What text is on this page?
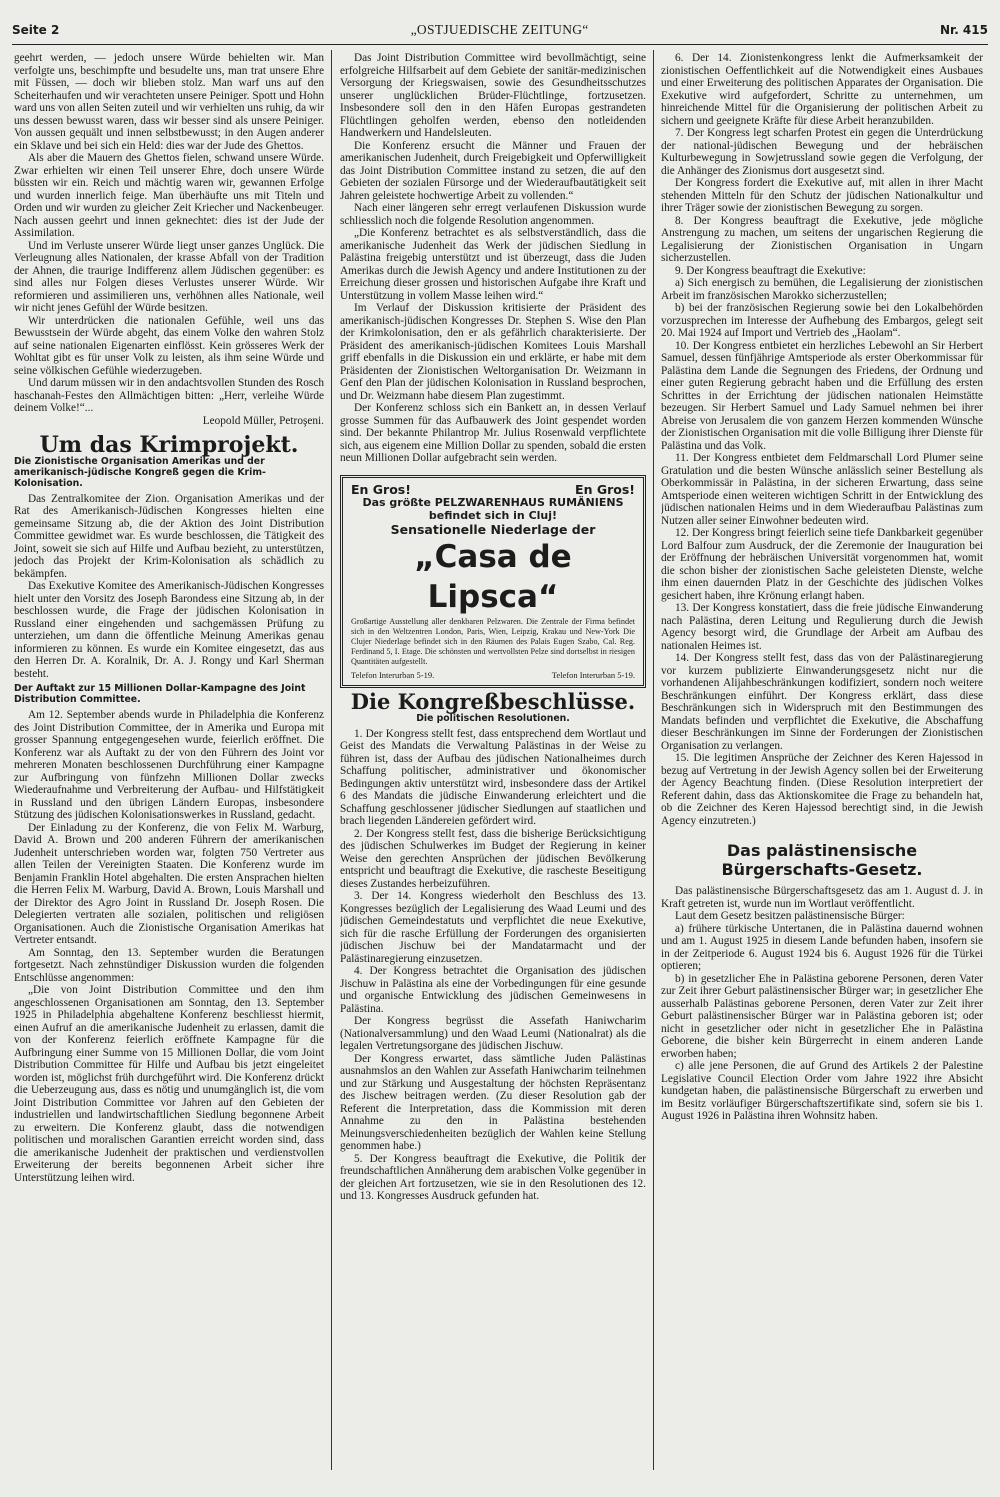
Seite 2	„OSTJUEDISCHE ZEITUNG“	Nr. 415

geehrt werden, — jedoch unsere Würde behielten wir. Man verfolgte uns, beschimpfte und besudelte uns, man trat unsere Ehre mit Füssen, — doch wir blieben stolz. Man warf uns auf den Scheiterhaufen und wir verachteten unsere Peiniger. Spott und Hohn ward uns von allen Seiten zuteil und wir verhielten uns ruhig, da wir uns dessen bewusst waren, dass wir besser sind als unsere Peiniger. Von aussen gequält und innen selbstbewusst; in den Augen anderer ein Sklave und bei sich ein Held: dies war der Jude des Ghettos.

Als aber die Mauern des Ghettos fielen, schwand unsere Würde. Zwar erhielten wir einen Teil unserer Ehre, doch unsere Würde büssten wir ein. Reich und mächtig waren wir, gewannen Erfolge und wurden innerlich feige. Man überhäufte uns mit Titeln und Orden und wir wurden zu gleicher Zeit Kriecher und Nackenbeuger. Nach aussen geehrt und innen geknechtet: dies ist der Jude der Assimilation.

Und im Verluste unserer Würde liegt unser ganzes Unglück. Die Verleugnung alles Nationalen, der krasse Abfall von der Tradition der Ahnen, die traurige Indifferenz allem Jüdischen gegenüber: es sind alles nur Folgen dieses Verlustes unserer Würde. Wir reformieren und assimilieren uns, verhöhnen alles Nationale, weil wir nicht jenes Gefühl der Würde besitzen.

Wir unterdrücken die nationalen Gefühle, weil uns das Bewusstsein der Würde abgeht, das einem Volke den wahren Stolz auf seine nationalen Eigenarten einflösst. Kein grösseres Werk der Wohltat gibt es für unser Volk zu leisten, als ihm seine Würde und seine völkischen Gefühle wiederzugeben.

Und darum müssen wir in den andachtsvollen Stunden des Rosch haschanah-Festes den Allmächtigen bitten: „Herr, verleihe Würde deinem Volke!“...

Leopold Müller, Petroşeni.

Um das Krimprojekt.
Die Zionistische Organisation Amerikas und der amerikanisch-jüdische Kongreß gegen die Krim-Kolonisation.

Das Zentralkomitee der Zion. Organisation Amerikas und der Rat des Amerikanisch-Jüdischen Kongresses hielten eine gemeinsame Sitzung ab, die der Aktion des Joint Distribution Committee gewidmet war. Es wurde beschlossen, die Tätigkeit des Joint, soweit sie sich auf Hilfe und Aufbau bezieht, zu unterstützen, jedoch das Projekt der Krim-Kolonisation als schädlich zu bekämpfen.

Das Exekutive Komitee des Amerikanisch-Jüdischen Kongresses hielt unter den Vorsitz des Joseph Barondess eine Sitzung ab, in der beschlossen wurde, die Frage der jüdischen Kolonisation in Russland einer eingehenden und sachgemässen Prüfung zu unterziehen, um dann die öffentliche Meinung Amerikas genau informieren zu können. Es wurde ein Komitee eingesetzt, das aus den Herren Dr. A. Koralnik, Dr. A. J. Rongy und Karl Sherman besteht.

Der Auftakt zur 15 Millionen Dollar-Kampagne des Joint Distribution Committee.

Am 12. September abends wurde in Philadelphia die Konferenz des Joint Distribution Committee, der in Amerika und Europa mit grosser Spannung entgegengesehen wurde, feierlich eröffnet. Die Konferenz war als Auftakt zu der von den Führern des Joint vor mehreren Monaten beschlossenen Durchführung einer Kampagne zur Aufbringung von fünfzehn Millionen Dollar zwecks Wiederaufnahme und Verbreiterung der Aufbau- und Hilfstätigkeit in Russland und den übrigen Ländern Europas, insbesondere Stützung des jüdischen Kolonisationswerkes in Russland, gedacht.

Der Einladung zu der Konferenz, die von Felix M. Warburg, David A. Brown und 200 anderen Führern der amerikanischen Judenheit unterschrieben worden war, folgten 750 Vertreter aus allen Teilen der Vereinigten Staaten. Die Konferenz wurde im Benjamin Franklin Hotel abgehalten. Die ersten Ansprachen hielten die Herren Felix M. Warburg, David A. Brown, Louis Marshall und der Direktor des Agro Joint in Russland Dr. Joseph Rosen. Die Delegierten vertraten alle sozialen, politischen und religiösen Organisationen. Auch die Zionistische Organisation Amerikas hat Vertreter entsandt.

Am Sonntag, den 13. September wurden die Beratungen fortgesetzt. Nach zehnstündiger Diskussion wurden die folgenden Entschlüsse angenommen:

„Die von Joint Distribution Committee und den ihm angeschlossenen Organisationen am Sonntag, den 13. September 1925 in Philadelphia abgehaltene Konferenz beschliesst hiermit, einen Aufruf an die amerikanische Judenheit zu erlassen, damit die von der Konferenz feierlich eröffnete Kampagne für die Aufbringung einer Summe von 15 Millionen Dollar, die vom Joint Distribution Committee für Hilfe und Aufbau bis jetzt eingeleitet worden ist, möglichst früh durchgeführt wird. Die Konferenz drückt die Ueberzeugung aus, dass es nötig und unumgänglich ist, die vom Joint Distribution Committee vor Jahren auf den Gebieten der industriellen und landwirtschaftlichen Siedlung begonnene Arbeit zu erweitern. Die Konferenz glaubt, dass die notwendigen politischen und moralischen Garantien erreicht worden sind, dass die amerikanische Judenheit der praktischen und verdienstvollen Erweiterung der bereits begonnenen Arbeit sicher ihre Unterstützung leihen wird.

Das Joint Distribution Committee wird bevollmächtigt, seine erfolgreiche Hilfsarbeit auf dem Gebiete der sanitär-medizinischen Versorgung der Kriegswaisen, sowie des Gesundheitsschutzes unserer unglücklichen Brüder-Flüchtlinge, fortzusetzen. Insbesondere soll den in den Häfen Europas gestrandeten Flüchtlingen geholfen werden, ebenso den notleidenden Handwerkern und Handelsleuten.

Die Konferenz ersucht die Männer und Frauen der amerikanischen Judenheit, durch Freigebigkeit und Opferwilligkeit das Joint Distribution Committee instand zu setzen, die auf den Gebieten der sozialen Fürsorge und der Wiederaufbautätigkeit seit Jahren geleistete hochwertige Arbeit zu vollenden.“

Nach einer längeren sehr erregt verlaufenen Diskussion wurde schliesslich noch die folgende Resolution angenommen.

„Die Konferenz betrachtet es als selbstverständlich, dass die amerikanische Judenheit das Werk der jüdischen Siedlung in Palästina freigebig unterstützt und ist überzeugt, dass die Juden Amerikas durch die Jewish Agency und andere Institutionen zu der Erreichung dieser grossen und historischen Aufgabe ihre Kraft und Unterstützung in vollem Masse leihen wird.“

Im Verlauf der Diskussion kritisierte der Präsident des amerikanisch-jüdischen Kongresses Dr. Stephen S. Wise den Plan der Krimkolonisation, den er als gefährlich charakterisierte. Der Präsident des amerikanisch-jüdischen Komitees Louis Marshall griff ebenfalls in die Diskussion ein und erklärte, er habe mit dem Präsidenten der Zionistischen Weltorganisation Dr. Weizmann in Genf den Plan der jüdischen Kolonisation in Russland besprochen, und Dr. Weizmann habe diesem Plan zugestimmt.

Der Konferenz schloss sich ein Bankett an, in dessen Verlauf grosse Summen für das Aufbauwerk des Joint gespendet worden sind. Der bekannte Philantrop Mr. Julius Rosenwald verpflichtete sich, aus eigenem eine Million Dollar zu spenden, sobald die ersten neun Millionen Dollar aufgebracht sein werden.

En Gros!	En Gros!
Das größte PELZWARENHAUS RUMÄNIENS befindet sich in Cluj!
Sensationelle Niederlage der
„Casa de Lipsca“
Großartige Ausstellung aller denkbaren Pelzwaren. Die Zentrale der Firma befindet sich in den Weltzentren London, Paris, Wien, Leipzig, Krakau und New-York Die Clujer Niederlage befindet sich in den Räumen des Palais Eugen Szabo, Cal. Reg. Ferdinand 5, I. Etage. Die schönsten und wertvollsten Pelze sind dortselbst in riesigen Quantitäten aufgestellt.
Telefon Interurban 5-19.	Telefon Interurban 5-19.
Die Kongreßbeschlüsse.
Die politischen Resolutionen.

1. Der Kongress stellt fest, dass entsprechend dem Wortlaut und Geist des Mandats die Verwaltung Palästinas in der Weise zu führen ist, dass der Aufbau des jüdischen Nationalheimes durch Schaffung politischer, administrativer und ökonomischer Bedingungen aktiv unterstützt wird, insbesondere dass der Artikel 6 des Mandats die jüdische Einwanderung erleichtert und die Schaffung geschlossener jüdischer Siedlungen auf staatlichen und brach liegenden Ländereien gefördert wird.

2. Der Kongress stellt fest, dass die bisherige Berücksichtigung des jüdischen Schulwerkes im Budget der Regierung in keiner Weise den gerechten Ansprüchen der jüdischen Bevölkerung entspricht und beauftragt die Exekutive, die rascheste Beseitigung dieses Zustandes herbeizuführen.

3. Der 14. Kongress wiederholt den Beschluss des 13. Kongresses bezüglich der Legalisierung des Waad Leumi und des jüdischen Gemeindestatuts und verpflichtet die neue Exekutive, sich für die rasche Erfüllung der Forderungen des organisierten jüdischen Jischuw bei der Mandatarmacht und der Palästinaregierung einzusetzen.

4. Der Kongress betrachtet die Organisation des jüdischen Jischuw in Palästina als eine der Vorbedingungen für eine gesunde und organische Entwicklung des jüdischen Gemeinwesens in Palästina.

Der Kongress begrüsst die Assefath Haniwcharim (Nationalversammlung) und den Waad Leumi (Nationalrat) als die legalen Vertretungsorgane des jüdischen Jischuw.

Der Kongress erwartet, dass sämtliche Juden Palästinas ausnahmslos an den Wahlen zur Assefath Haniwcharim teilnehmen und zur Stärkung und Ausgestaltung der höchsten Repräsentanz des Jischew beitragen werden. (Zu dieser Resolution gab der Referent die Interpretation, dass die Kommission mit deren Annahme zu den in Palästina bestehenden Meinungsverschiedenheiten bezüglich der Wahlen keine Stellung genommen habe.)

5. Der Kongress beauftragt die Exekutive, die Politik der freundschaftlichen Annäherung dem arabischen Volke gegenüber in der gleichen Art fortzusetzen, wie sie in den Resolutionen des 12. und 13. Kongresses Ausdruck gefunden hat.

6. Der 14. Zionistenkongress lenkt die Aufmerksamkeit der zionistischen Oeffentlichkeit auf die Notwendigkeit eines Ausbaues und einer Erweiterung des politischen Apparates der Organisation. Die Exekutive wird aufgefordert, Schritte zu unternehmen, um hinreichende Mittel für die Organisierung der politischen Arbeit zu sichern und geeignete Kräfte für diese Arbeit heranzubilden.

7. Der Kongress legt scharfen Protest ein gegen die Unterdrückung der national-jüdischen Bewegung und der hebräischen Kulturbewegung in Sowjetrussland sowie gegen die Verfolgung, der die Anhänger des Zionismus dort ausgesetzt sind.

Der Kongress fordert die Exekutive auf, mit allen in ihrer Macht stehenden Mitteln für den Schutz der jüdischen Nationalkultur und ihrer Träger sowie der zionistischen Bewegung zu sorgen.

8. Der Kongress beauftragt die Exekutive, jede mögliche Anstrengung zu machen, um seitens der ungarischen Regierung die Legalisierung der Zionistischen Organisation in Ungarn sicherzustellen.

9. Der Kongress beauftragt die Exekutive:

a) Sich energisch zu bemühen, die Legalisierung der zionistischen Arbeit im französischen Marokko sicherzustellen;

b) bei der französischen Regierung sowie bei den Lokalbehörden vorzusprechen im Interesse der Aufhebung des Embargos, gelegt seit 20. Mai 1924 auf Import und Vertrieb des „Haolam“.

10. Der Kongress entbietet ein herzliches Lebewohl an Sir Herbert Samuel, dessen fünfjährige Amtsperiode als erster Oberkommissar für Palästina dem Lande die Segnungen des Friedens, der Ordnung und einer guten Regierung gebracht haben und die Erfüllung des ersten Schrittes in der Errichtung der jüdischen nationalen Heimstätte bezeugen. Sir Herbert Samuel und Lady Samuel nehmen bei ihrer Abreise von Jerusalem die von ganzem Herzen kommenden Wünsche der Zionistischen Organisation mit die volle Billigung ihrer Dienste für Palästina und das Volk.

11. Der Kongress entbietet dem Feldmarschall Lord Plumer seine Gratulation und die besten Wünsche anlässlich seiner Bestellung als Oberkommissär in Palästina, in der sicheren Erwartung, dass seine Amtsperiode einen weiteren wichtigen Schritt in der Entwicklung des jüdischen nationalen Heims und in dem Wiederaufbau Palästinas zum Nutzen aller seiner Einwohner bedeuten wird.

12. Der Kongress bringt feierlich seine tiefe Dankbarkeit gegenüber Lord Balfour zum Ausdruck, der die Zeremonie der Inauguration bei der Eröffnung der hebräischen Universität vorgenommen hat, womit die schon bisher der zionistischen Sache geleisteten Dienste, welche ihm einen dauernden Platz in der Geschichte des jüdischen Volkes gesichert haben, ihre Krönung erlangt haben.

13. Der Kongress konstatiert, dass die freie jüdische Einwanderung nach Palästina, deren Leitung und Regulierung durch die Jewish Agency besorgt wird, die Grundlage der Arbeit am Aufbau des nationalen Heimes ist.

14. Der Kongress stellt fest, dass das von der Palästinaregierung vor kurzem publizierte Einwanderungsgesetz nicht nur die vorhandenen Alijahbeschränkungen kodifiziert, sondern noch weitere Beschränkungen einführt. Der Kongress erklärt, dass diese Beschränkungen sich in Widerspruch mit den Bestimmungen des Mandats befinden und verpflichtet die Exekutive, die Abschaffung dieser Beschränkungen im Sinne der Forderungen der Zionistischen Organisation zu verlangen.

15. Die legitimen Ansprüche der Zeichner des Keren Hajessod in bezug auf Vertretung in der Jewish Agency sollen bei der Erweiterung der Agency Beachtung finden. (Diese Resolution interpretiert der Referent dahin, dass das Aktionskomitee die Frage zu behandeln hat, ob die Zeichner des Keren Hajessod berechtigt sind, in die Jewish Agency einzutreten.)

Das palästinensische Bürgerschafts-Gesetz.

Das palästinensische Bürgerschaftsgesetz das am 1. August d. J. in Kraft getreten ist, wurde nun im Wortlaut veröffentlicht.

Laut dem Gesetz besitzen palästinensische Bürger:

a) frühere türkische Untertanen, die in Palästina dauernd wohnen und am 1. August 1925 in diesem Lande befunden haben, insofern sie in der Zeitperiode 6. August 1924 bis 6. August 1926 für die Türkei optieren;

b) in gesetzlicher Ehe in Palästina geborene Personen, deren Vater zur Zeit ihrer Geburt palästinensischer Bürger war; in gesetzlicher Ehe ausserhalb Palästinas geborene Personen, deren Vater zur Zeit ihrer Geburt palästinensischer Bürger war in Palästina geboren ist; oder nicht in gesetzlicher oder nicht in gesetzlicher Ehe in Palästina Geborene, die bisher kein Bürgerrecht in einem anderen Lande erworben haben;

c) alle jene Personen, die auf Grund des Artikels 2 der Palestine Legislative Council Election Order vom Jahre 1922 ihre Absicht kundgetan haben, die palästinensische Bürgerschaft zu erwerben und im Besitz vorläufiger Bürgerschaftszertifikate sind, sofern sie bis 1. August 1926 in Palästina ihren Wohnsitz haben.
